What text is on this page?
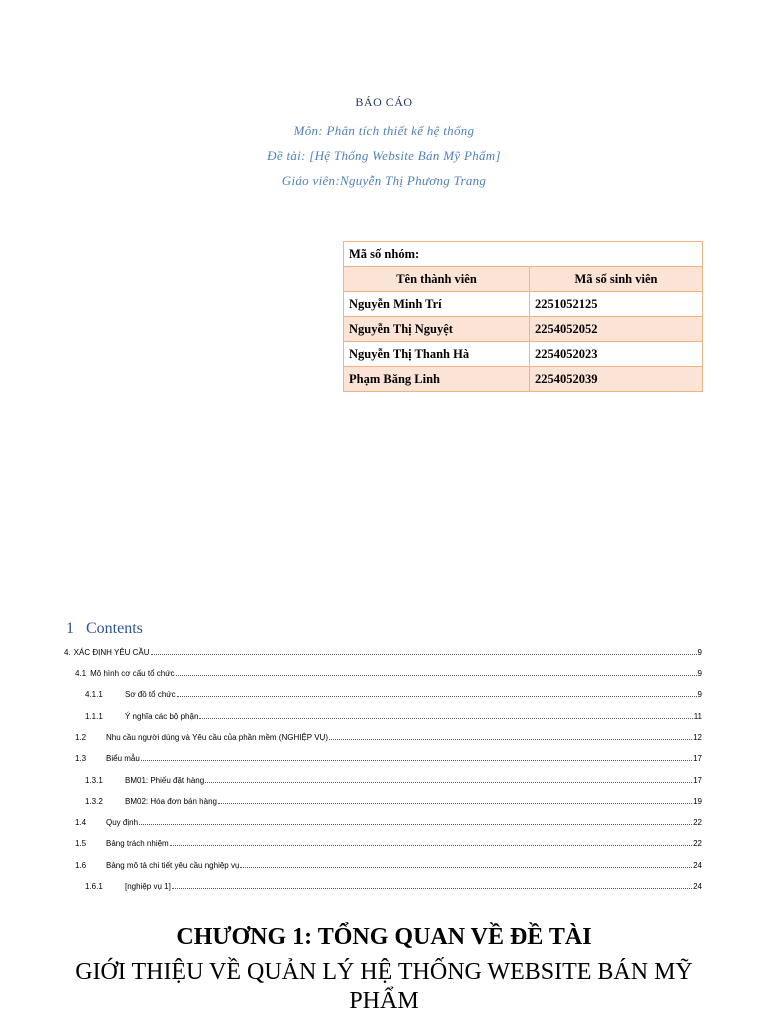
BÁO CÁO
Môn: Phân tích thiết kế hệ thống
Đề tài: [Hệ Thống Website Bán Mỹ Phẩm]
Giáo viên:Nguyễn Thị Phương Trang
Mã số nhóm:	
Tên thành viên	Mã số sinh viên
Nguyễn Minh Trí	2251052125
Nguyễn Thị Nguyệt	2254052052
Nguyễn Thị Thanh Hà	2254052023
Phạm Băng Linh	2254052039
1 Contents
4. XÁC ĐỊNH YÊU CẦU	9
4.1 Mô hình cơ cấu tổ chức	9
4.1.1	Sơ đồ tổ chức	9
1.1.1	Ý nghĩa các bộ phận	11
1.2	Nhu cầu người dùng và Yêu cầu của phần mềm (NGHIỆP VỤ)	12
1.3	Biểu mẫu	17
1.3.1	BM01: Phiếu đặt hàng	17
1.3.2	BM02: Hóa đơn bán hàng	19
1.4	Quy định	22
1.5	Bảng trách nhiệm	22
1.6	Bảng mô tả chi tiết yêu cầu nghiệp vụ	24
1.6.1	[nghiệp vụ 1]	24
CHƯƠNG 1: TỔNG QUAN VỀ ĐỀ TÀI
GIỚI THIỆU VỀ QUẢN LÝ HỆ THỐNG WEBSITE BÁN MỸ PHẨM
